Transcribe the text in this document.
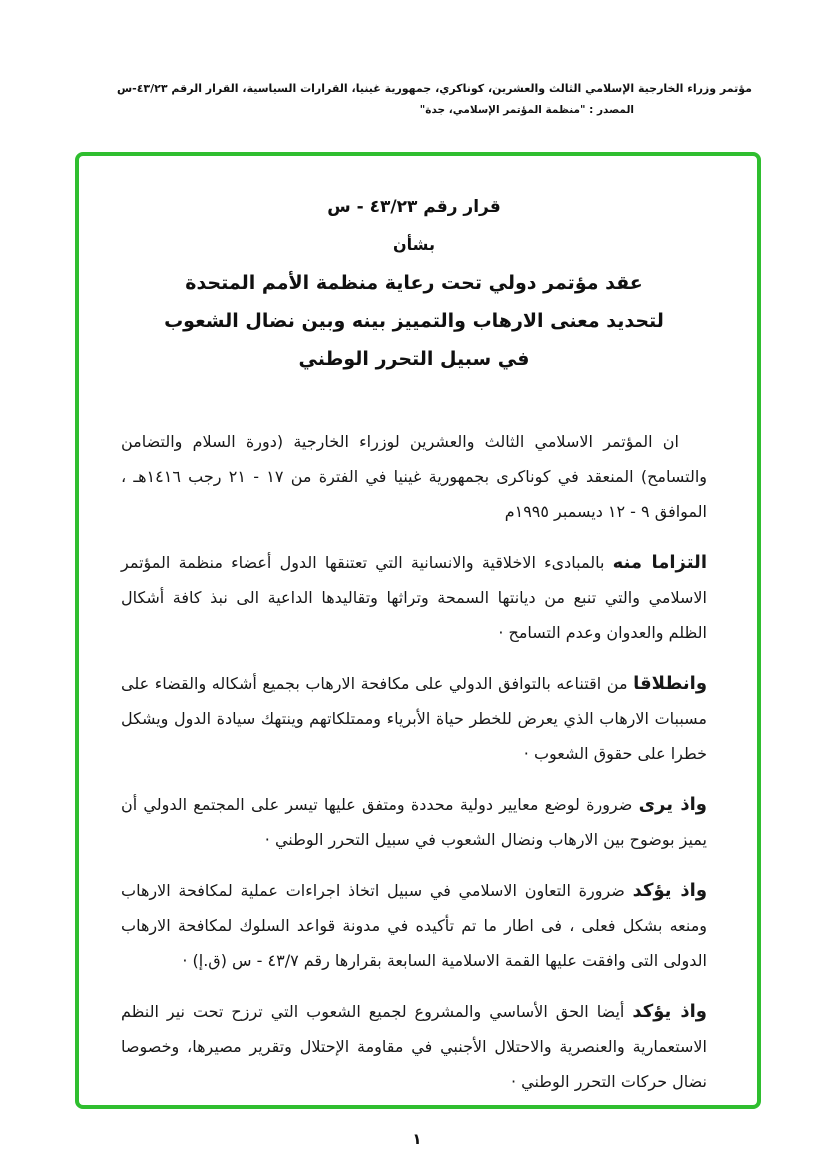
مؤتمر وزراء الخارجية الإسلامي الثالث والعشرين، كوناكري، جمهورية غينيا، القرارات السياسية، القرار الرقم ٤٣/٢٣-س
المصدر : "منظمة المؤتمر الإسلامي، جدة"
قرار رقم ٤٣/٢٣ - س
بشأن
عقد مؤتمر دولي تحت رعاية منظمة الأمم المتحدة
لتحديد معنى الارهاب والتمييز بينه وبين نضال الشعوب
في سبيل التحرر الوطني

ان المؤتمر الاسلامي الثالث والعشرين لوزراء الخارجية (دورة السلام والتضامن والتسامح) المنعقد في كوناكرى بجمهورية غينيا في الفترة من ١٧ - ٢١ رجب ١٤١٦هـ ، الموافق ٩ - ١٢ ديسمبر ١٩٩٥م

التزاما منه بالمبادىء الاخلاقية والانسانية التي تعتنقها الدول أعضاء منظمة المؤتمر الاسلامي والتي تنبع من ديانتها السمحة وتراثها وتقاليدها الداعية الى نبذ كافة أشكال الظلم والعدوان وعدم التسامح ·

وانطلاقا من اقتناعه بالتوافق الدولي على مكافحة الارهاب بجميع أشكاله والقضاء على مسببات الارهاب الذي يعرض للخطر حياة الأبرياء وممتلكاتهم وينتهك سيادة الدول ويشكل خطرا على حقوق الشعوب ·

واذ يرى ضرورة لوضع معايير دولية محددة ومتفق عليها تيسر على المجتمع الدولي أن يميز بوضوح بين الارهاب ونضال الشعوب في سبيل التحرر الوطني ·

واذ يؤكد ضرورة التعاون الاسلامي في سبيل اتخاذ اجراءات عملية لمكافحة الارهاب ومنعه بشكل فعلى ، فى اطار ما تم تأكيده في مدونة قواعد السلوك لمكافحة الارهاب الدولى التى وافقت عليها القمة الاسلامية السابعة بقرارها رقم ٤٣/٧ - س (ق.إ) ·

واذ يؤكد أيضا الحق الأساسي والمشروع لجميع الشعوب التي ترزح تحت نير النظم الاستعمارية والعنصرية والاحتلال الأجنبي في مقاومة الإحتلال وتقرير مصيرها، وخصوصا نضال حركات التحرر الوطني ·

١
